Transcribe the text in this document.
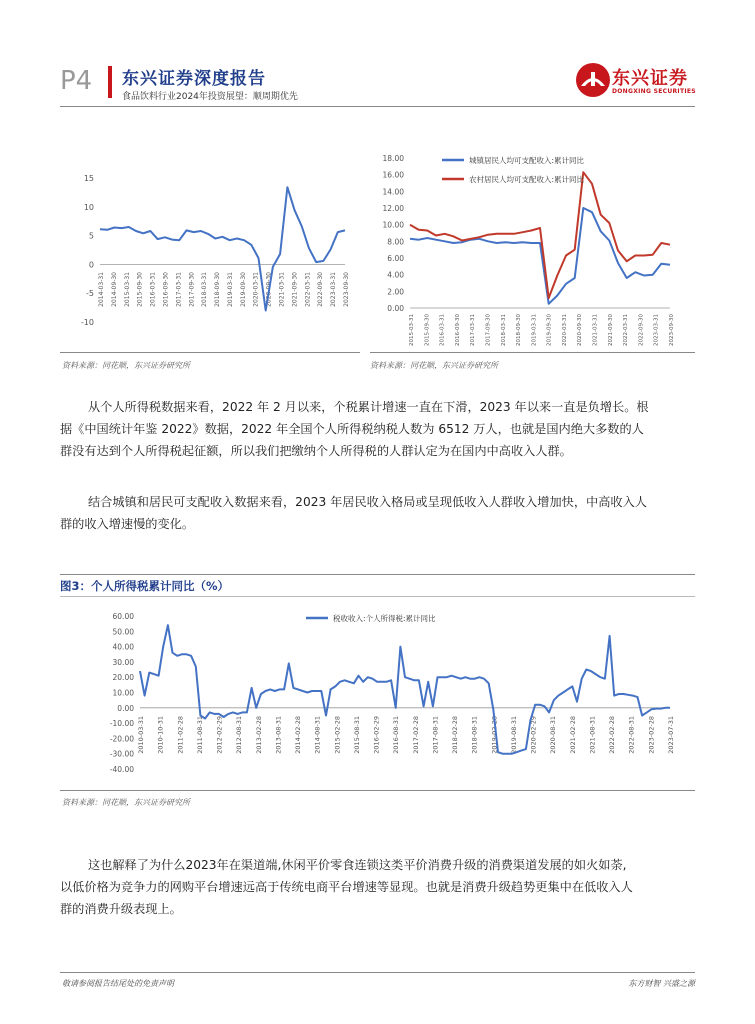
P4 东兴证券深度报告
食品饮料行业2024年投资展望：顺周期优先
东兴证券
DONGXING SECURITIES
15
10
5
0
-5
-10
2014-03-31 2014-09-30 2015-03-31 2015-09-30 2016-03-31 2016-09-30 2017-03-31 2017-09-30 2018-03-31 2018-09-30 2019-03-31 2019-09-30 2020-03-31 2020-09-30 2021-03-31 2021-09-30 2022-03-31 2022-09-30 2023-03-31 2023-09-30
18.00
16.00
14.00
12.00
10.00
8.00
6.00
4.00
2.00
0.00
2015-03-31 2015-09-30 2016-03-31 2016-09-30 2017-03-31 2017-09-30 2018-03-31 2018-09-30 2019-03-31 2019-09-30 2020-03-31 2020-09-30 2021-03-31 2021-09-30 2022-03-31 2022-09-30 2023-03-31 2023-09-30
城镇居民人均可支配收入:累计同比
农村居民人均可支配收入:累计同比
资料来源：同花顺，东兴证券研究所	资料来源：同花顺，东兴证券研究所
从个人所得税数据来看，2022 年 2 月以来，个税累计增速一直在下滑，2023 年以来一直是负增长。根
据《中国统计年鉴 2022》数据，2022 年全国个人所得税纳税人数为 6512 万人，也就是国内绝大多数的人
群没有达到个人所得税起征额，所以我们把缴纳个人所得税的人群认定为在国内中高收入人群。
结合城镇和居民可支配收入数据来看，2023 年居民收入格局或呈现低收入人群收入增加快，中高收入人
群的收入增速慢的变化。
图3：个人所得税累计同比（%）
60.00
50.00
40.00
30.00
20.00
10.00
0.00
-10.00
-20.00
-30.00
-40.00
2010-03-31 2010-10-31 2011-02-28 2011-08-31 2012-02-29 2012-08-31 2013-02-28 2013-08-31 2014-02-28 2014-08-31 2015-02-28 2015-08-31 2016-02-29 2016-08-31 2017-02-28 2017-08-31 2018-02-28 2018-08-31 2019-02-28 2019-08-31 2020-02-29 2020-08-31 2021-02-28 2021-08-31 2022-02-28 2022-08-31 2023-02-28 2023-07-31
税收收入:个人所得税:累计同比
资料来源：同花顺，东兴证券研究所
这也解释了为什么2023年在渠道端,休闲平价零食连锁这类平价消费升级的消费渠道发展的如火如荼,
以低价格为竞争力的网购平台增速远高于传统电商平台增速等显现。也就是消费升级趋势更集中在低收入人
群的消费升级表现上。
敬请参阅报告结尾处的免责声明	东方财智 兴盛之源
